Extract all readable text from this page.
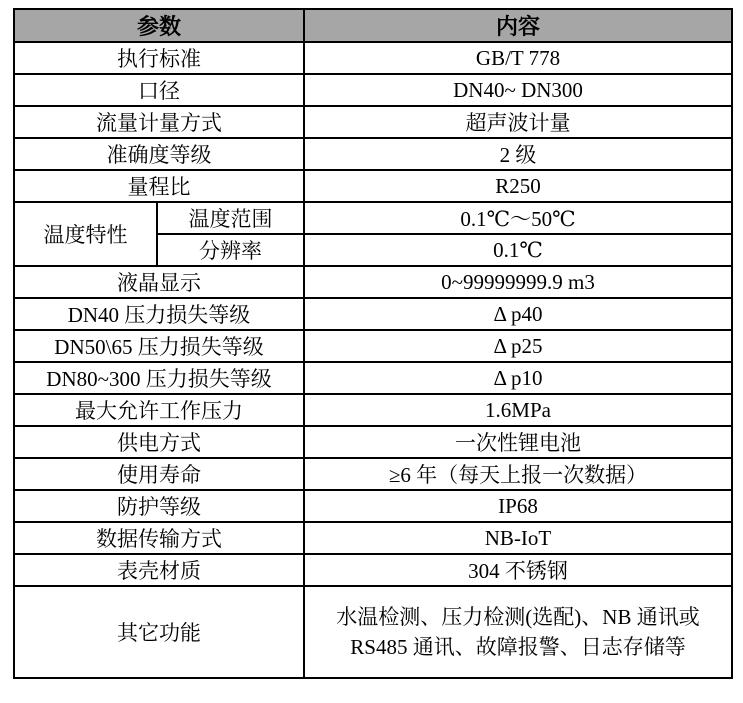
参数		内容
执行标准		GB/T 778
口径		DN40~ DN300
流量计量方式		超声波计量
准确度等级		2 级
量程比		R250
温度特性	温度范围	0.1℃～50℃
	分辨率	0.1℃
液晶显示		0~99999999.9 m3
DN40 压力损失等级		Δ p40
DN50\65 压力损失等级		Δ p25
DN80~300 压力损失等级		Δ p10
最大允许工作压力		1.6MPa
供电方式		一次性锂电池
使用寿命		≥6 年（每天上报一次数据）
防护等级		IP68
数据传输方式		NB-IoT
表壳材质		304 不锈钢
其它功能		水温检测、压力检测(选配)、NB 通讯或 RS485 通讯、故障报警、日志存储等
